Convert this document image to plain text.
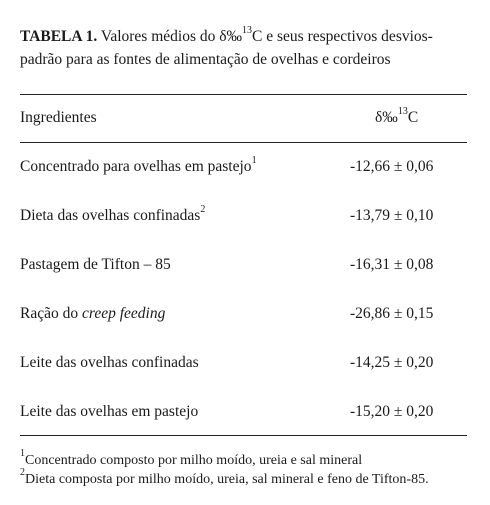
TABELA 1. Valores médios do δ‰$^{13}$C e seus respectivos desvios-
padrão para as fontes de alimentação de ovelhas e cordeiros
Ingredientes	δ‰$^{13}$C
Concentrado para ovelhas em pastejo$^1$	-12,66 ± 0,06
Dieta das ovelhas confinadas$^2$	-13,79 ± 0,10
Pastagem de Tifton – 85	-16,31 ± 0,08
Ração do creep feeding	-26,86 ± 0,15
Leite das ovelhas confinadas	-14,25 ± 0,20
Leite das ovelhas em pastejo	-15,20 ± 0,20
$^1$Concentrado composto por milho moído, ureia e sal mineral
$^2$Dieta composta por milho moído, ureia, sal mineral e feno de Tifton-85.
